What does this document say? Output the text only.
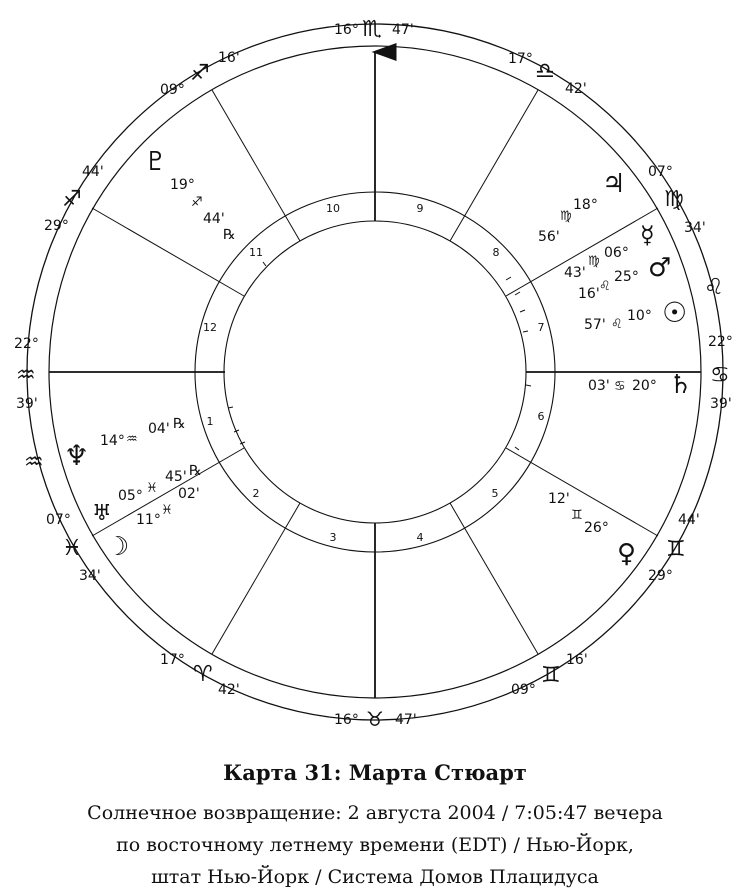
1
2
3	4
5
6
7
8
9
10
11
12
16° ♏ 47'
16° ♉ 47'
17° ♎
42'
07°
♍
34'
♌
22°
♋
39'
44'
♊
29°
16'
♊
09°
17°
♈
42'
07°
♓
34'
♒
22°
♒
39'
44'
♐
29°
09°
♐
16'
♃
18°
♍
56'	☿
06°
♍
43' ♂
25°
♌
16'
☉
10°
♌
57'
♄
20°
♋
03'
12'
♊
26°
♀
♇
19°
♐
44'
℞
♆ 14° ♒
04' ℞
♅
05° ♓
45' ℞
☽
11°
♓
02'
Карта 31: Марта Стюарт
Солнечное возвращение: 2 августа 2004 / 7:05:47 вечера
по восточному летнему времени (EDT) / Нью-Йорк,
штат Нью-Йорк / Система Домов Плацидуса
